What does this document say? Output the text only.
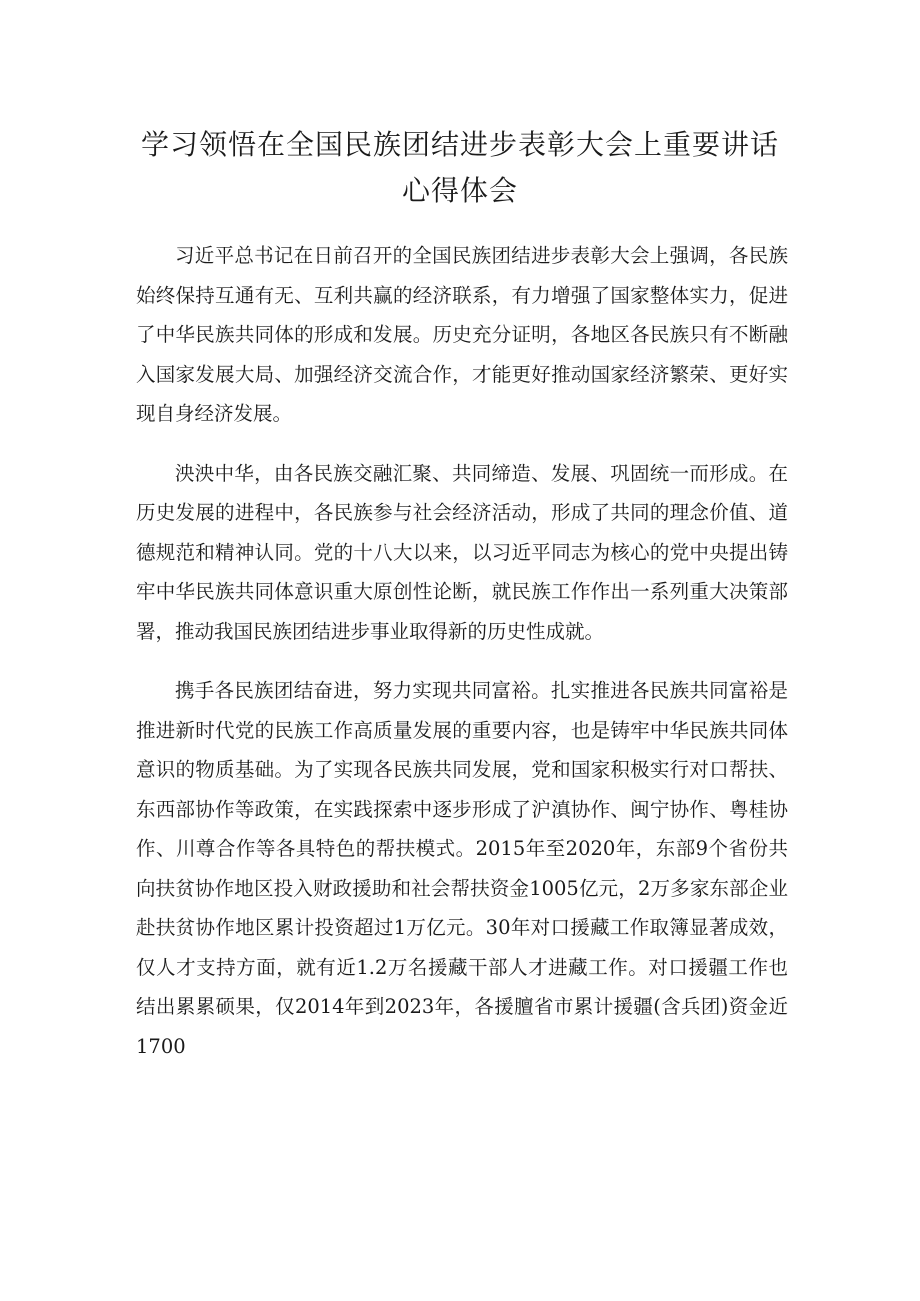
学习领悟在全国民族团结进步表彰大会上重要讲话
心得体会

习近平总书记在日前召开的全国民族团结进步表彰大会上强调，各民族始终保持互通有无、互利共赢的经济联系，有力增强了国家整体实力，促进了中华民族共同体的形成和发展。历史充分证明，各地区各民族只有不断融入国家发展大局、加强经济交流合作，才能更好推动国家经济繁荣、更好实现自身经济发展。

泱泱中华，由各民族交融汇聚、共同缔造、发展、巩固统一而形成。在历史发展的进程中，各民族参与社会经济活动，形成了共同的理念价值、道德规范和精神认同。党的十八大以来，以习近平同志为核心的党中央提出铸牢中华民族共同体意识重大原创性论断，就民族工作作出一系列重大决策部署，推动我国民族团结进步事业取得新的历史性成就。

携手各民族团结奋进，努力实现共同富裕。扎实推进各民族共同富裕是推进新时代党的民族工作高质量发展的重要内容，也是铸牢中华民族共同体意识的物质基础。为了实现各民族共同发展，党和国家积极实行对口帮扶、东西部协作等政策，在实践探索中逐步形成了沪滇协作、闽宁协作、粤桂协作、川尊合作等各具特色的帮扶模式。2015年至2020年，东部9个省份共向扶贫协作地区投入财政援助和社会帮扶资金1005亿元，2万多家东部企业赴扶贫协作地区累计投资超过1万亿元。30年对口援藏工作取簿显著成效，仅人才支持方面，就有近1.2万名援藏干部人才进藏工作。对口援疆工作也结出累累硕果，仅2014年到2023年，各援膻省市累计援疆(含兵团)资金近1700
